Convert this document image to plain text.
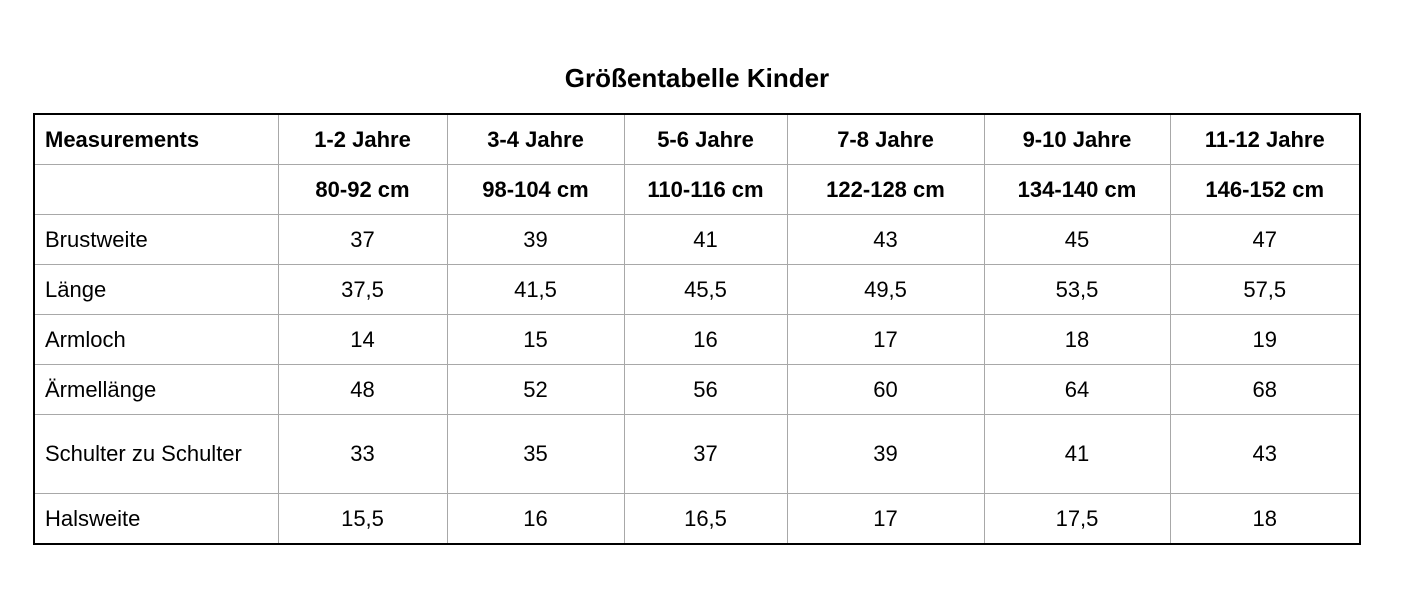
Größentabelle Kinder
Measurements	1-2 Jahre	3-4 Jahre	5-6 Jahre	7-8 Jahre	9-10 Jahre	11-12 Jahre
	80-92 cm	98-104 cm	110-116 cm	122-128 cm	134-140 cm	146-152 cm
Brustweite	37	39	41	43	45	47
Länge	37,5	41,5	45,5	49,5	53,5	57,5
Armloch	14	15	16	17	18	19
Ärmellänge	48	52	56	60	64	68
Schulter zu Schulter	33	35	37	39	41	43
Halsweite	15,5	16	16,5	17	17,5	18
